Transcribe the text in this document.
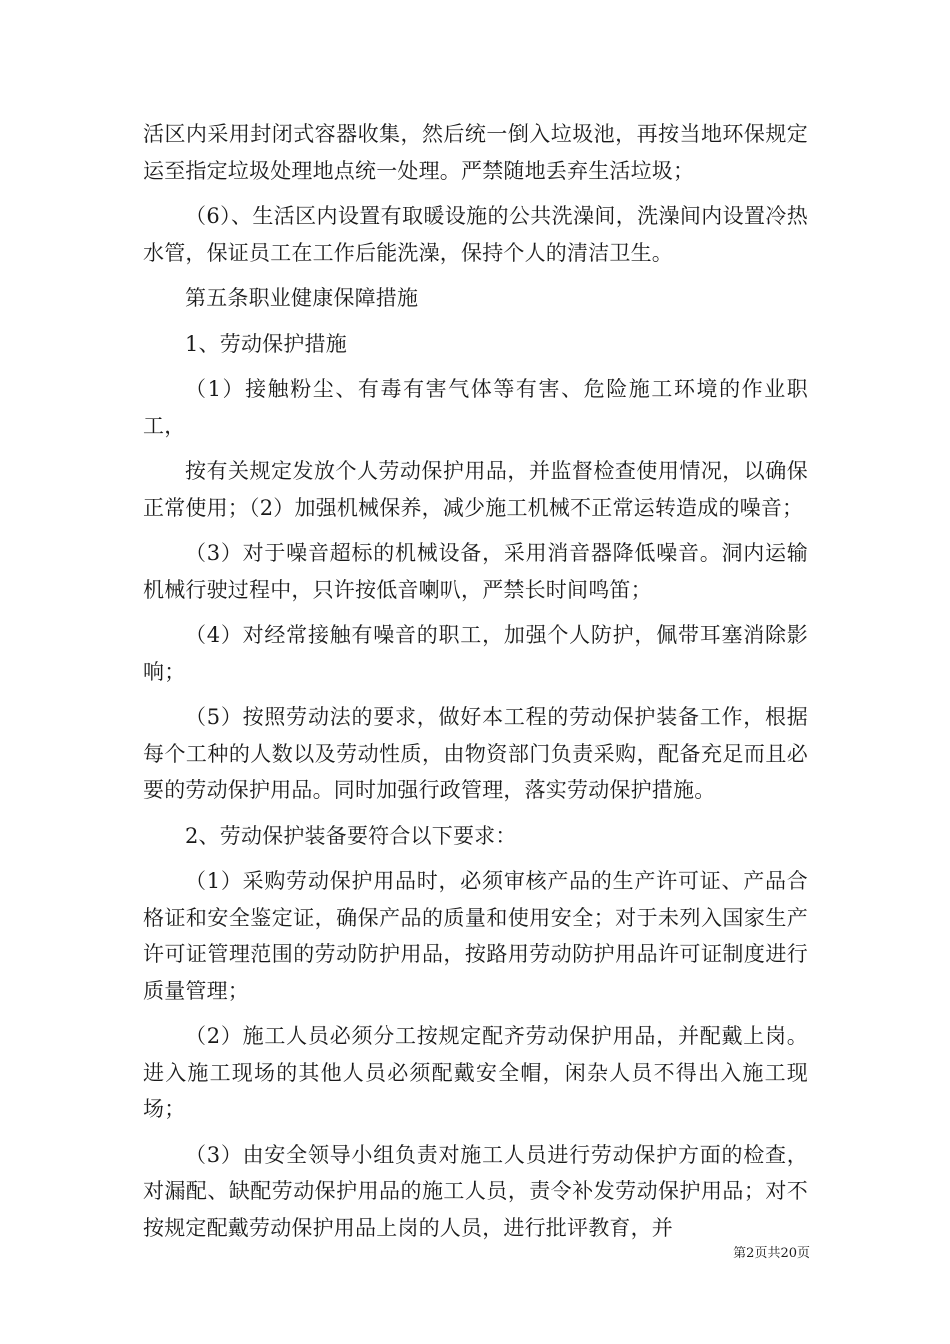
活区内采用封闭式容器收集，然后统一倒入垃圾池，再按当地环保规定运至指定垃圾处理地点统一处理。严禁随地丢弃生活垃圾；

（6）、生活区内设置有取暖设施的公共洗澡间，洗澡间内设置冷热水管，保证员工在工作后能洗澡，保持个人的清洁卫生。

第五条职业健康保障措施

1、劳动保护措施

（1）接触粉尘、有毒有害气体等有害、危险施工环境的作业职工，

按有关规定发放个人劳动保护用品，并监督检查使用情况，以确保正常使用；（2）加强机械保养，减少施工机械不正常运转造成的噪音；

（3）对于噪音超标的机械设备，采用消音器降低噪音。洞内运输机械行驶过程中，只许按低音喇叭，严禁长时间鸣笛；

（4）对经常接触有噪音的职工，加强个人防护，佩带耳塞消除影响；

（5）按照劳动法的要求，做好本工程的劳动保护装备工作，根据每个工种的人数以及劳动性质，由物资部门负责采购，配备充足而且必要的劳动保护用品。同时加强行政管理，落实劳动保护措施。

2、劳动保护装备要符合以下要求：

（1）采购劳动保护用品时，必须审核产品的生产许可证、产品合格证和安全鉴定证，确保产品的质量和使用安全；对于未列入国家生产许可证管理范围的劳动防护用品，按路用劳动防护用品许可证制度进行质量管理；

（2）施工人员必须分工按规定配齐劳动保护用品，并配戴上岗。进入施工现场的其他人员必须配戴安全帽，闲杂人员不得出入施工现场；

（3）由安全领导小组负责对施工人员进行劳动保护方面的检查，对漏配、缺配劳动保护用品的施工人员，责令补发劳动保护用品；对不按规定配戴劳动保护用品上岗的人员，进行批评教育，并

第2页共20页
